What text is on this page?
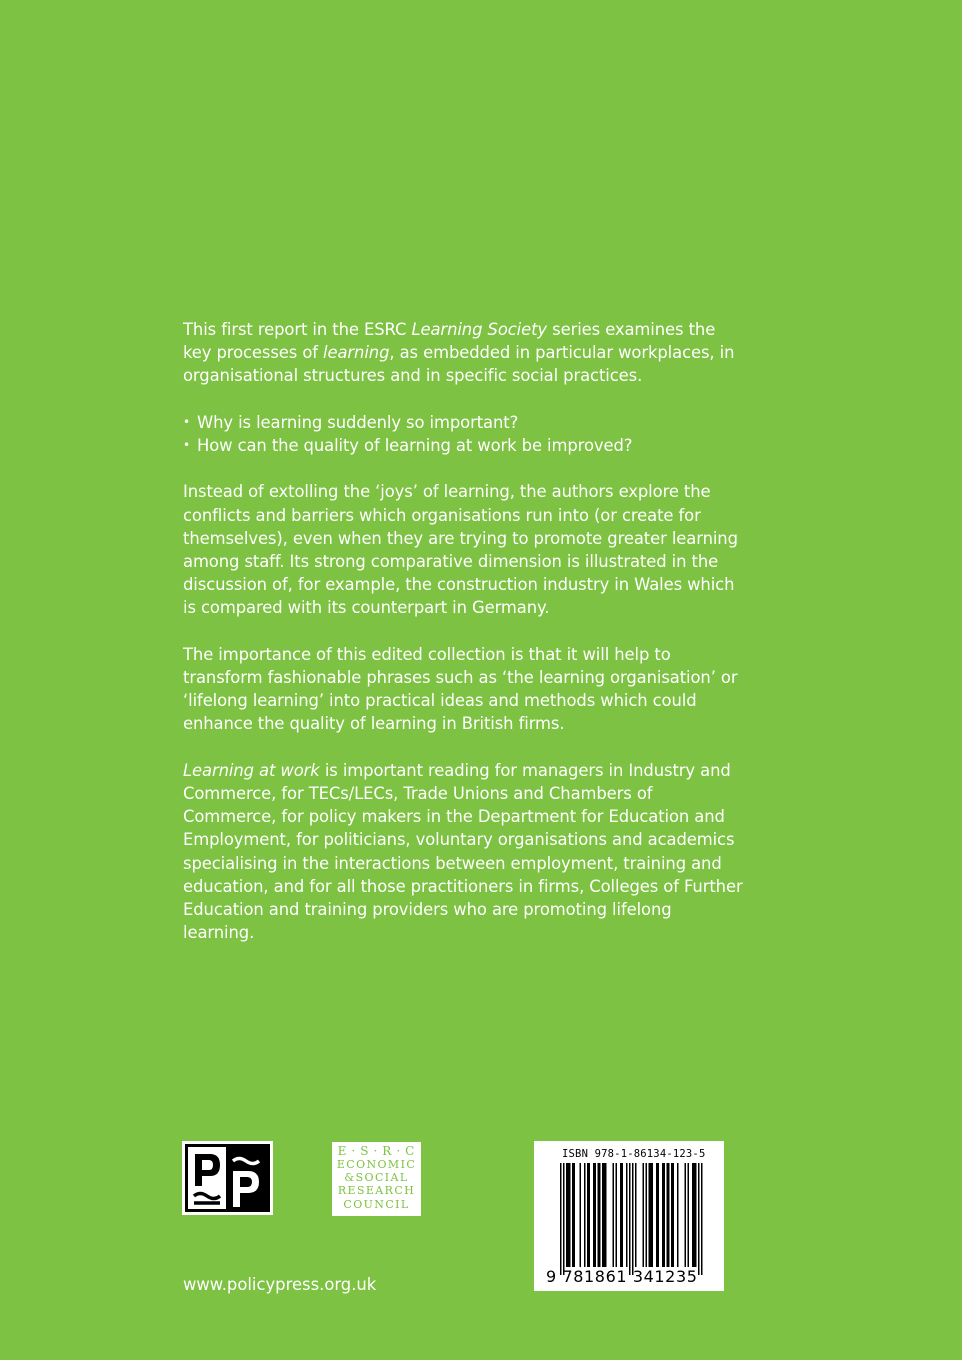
This first report in the ESRC Learning Society series examines the key processes of learning, as embedded in particular workplaces, in organisational structures and in specific social practices.

• Why is learning suddenly so important?
• How can the quality of learning at work be improved?

Instead of extolling the ‘joys’ of learning, the authors explore the conflicts and barriers which organisations run into (or create for themselves), even when they are trying to promote greater learning among staff. Its strong comparative dimension is illustrated in the discussion of, for example, the construction industry in Wales which is compared with its counterpart in Germany.

The importance of this edited collection is that it will help to transform fashionable phrases such as ‘the learning organisation’ or ‘lifelong learning’ into practical ideas and methods which could enhance the quality of learning in British firms.

Learning at work is important reading for managers in Industry and Commerce, for TECs/LECs, Trade Unions and Chambers of Commerce, for policy makers in the Department for Education and Employment, for politicians, voluntary organisations and academics specialising in the interactions between employment, training and education, and for all those practitioners in firms, Colleges of Further Education and training providers who are promoting lifelong learning.

E·S·R·C
ECONOMIC
&SOCIAL
RESEARCH
COUNCIL
ISBN 978-1-86134-123-5
9 781861 341235
www.policypress.org.uk
